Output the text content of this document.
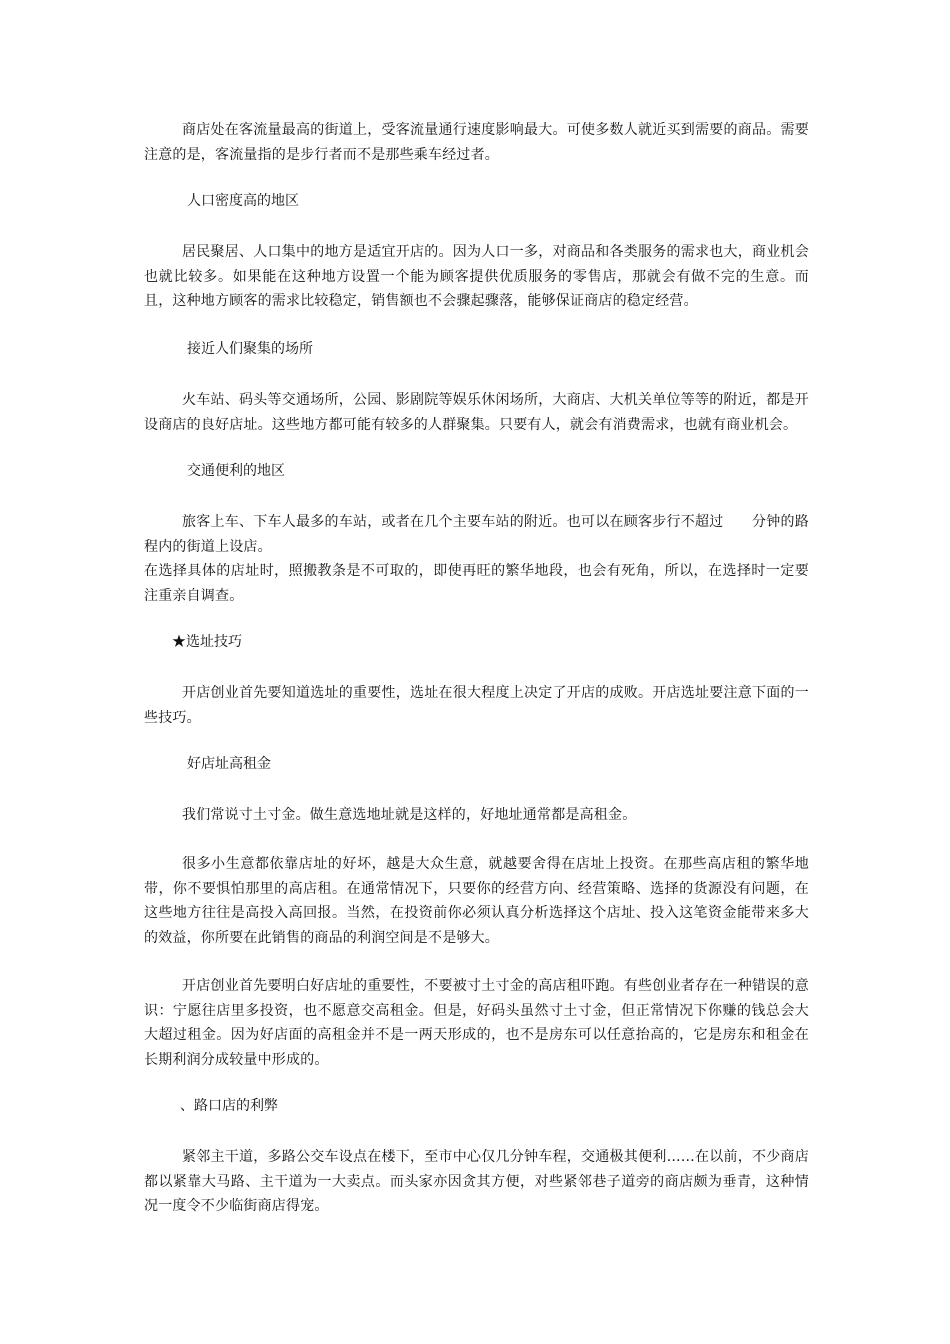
商店处在客流量最高的街道上，受客流量通行速度影响最大。可使多数人就近买到需要的商品。需要注意的是，客流量指的是步行者而不是那些乘车经过者。

人口密度高的地区

居民聚居、人口集中的地方是适宜开店的。因为人口一多，对商品和各类服务的需求也大，商业机会也就比较多。如果能在这种地方设置一个能为顾客提供优质服务的零售店，那就会有做不完的生意。而且，这种地方顾客的需求比较稳定，销售额也不会骤起骤落，能够保证商店的稳定经营。

接近人们聚集的场所

火车站、码头等交通场所，公园、影剧院等娱乐休闲场所，大商店、大机关单位等等的附近，都是开设商店的良好店址。这些地方都可能有较多的人群聚集。只要有人，就会有消费需求，也就有商业机会。

交通便利的地区

旅客上车、下车人最多的车站，或者在几个主要车站的附近。也可以在顾客步行不超过　　分钟的路程内的街道上设店。

在选择具体的店址时，照搬教条是不可取的，即使再旺的繁华地段，也会有死角，所以，在选择时一定要注重亲自调查。

★选址技巧

开店创业首先要知道选址的重要性，选址在很大程度上决定了开店的成败。开店选址要注意下面的一些技巧。

好店址高租金

我们常说寸土寸金。做生意选地址就是这样的，好地址通常都是高租金。

很多小生意都依靠店址的好坏，越是大众生意，就越要舍得在店址上投资。在那些高店租的繁华地带，你不要惧怕那里的高店租。在通常情况下，只要你的经营方向、经营策略、选择的货源没有问题，在这些地方往往是高投入高回报。当然，在投资前你必须认真分析选择这个店址、投入这笔资金能带来多大的效益，你所要在此销售的商品的利润空间是不是够大。

开店创业首先要明白好店址的重要性，不要被寸土寸金的高店租吓跑。有些创业者存在一种错误的意识：宁愿往店里多投资，也不愿意交高租金。但是，好码头虽然寸土寸金，但正常情况下你赚的钱总会大大超过租金。因为好店面的高租金并不是一两天形成的，也不是房东可以任意抬高的，它是房东和租金在长期利润分成较量中形成的。

、路口店的利弊

紧邻主干道，多路公交车设点在楼下，至市中心仅几分钟车程，交通极其便利……在以前，不少商店都以紧靠大马路、主干道为一大卖点。而头家亦因贪其方便，对些紧邻巷子道旁的商店颇为垂青，这种情况一度令不少临街商店得宠。
